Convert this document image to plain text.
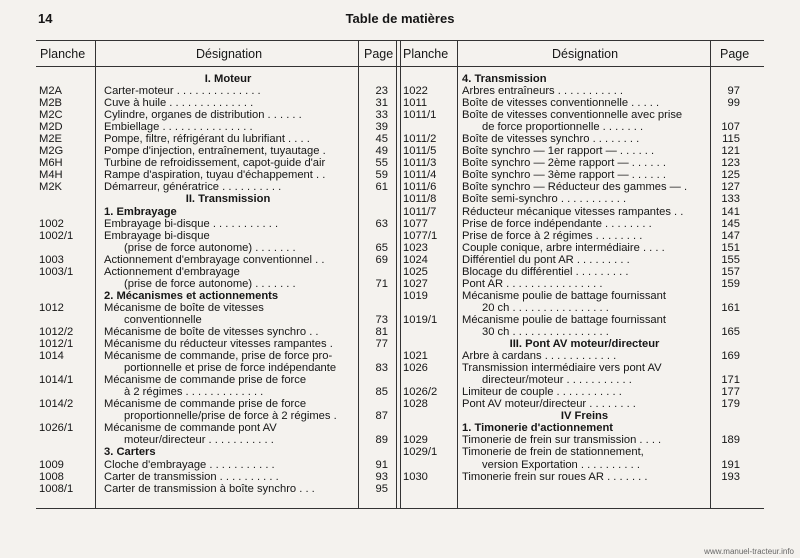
14	Table de matières
Planche	Désignation	Page Planche	Désignation	Page
I. Moteur
M2A	Carter-moteur . . . . . . . . . . . . . .	23
M2B	Cuve à huile . . . . . . . . . . . . . .	31
M2C	Cylindre, organes de distribution . . . . . .	33
M2D	Embiellage . . . . . . . . . . . . . . .	39
M2E	Pompe, filtre, réfrigérant du lubrifiant . . . .	45
M2G	Pompe d'injection, entraînement, tuyautage .	49
M6H	Turbine de refroidissement, capot-guide d'air	55
M4H	Rampe d'aspiration, tuyau d'échappement . .	59
M2K	Démarreur, génératrice . . . . . . . . . .	61
II. Transmission
1. Embrayage
1002	Embrayage bi-disque . . . . . . . . . . .	63
1002/1	Embrayage bi-disque
(prise de force autonome) . . . . . . .	65
1003	Actionnement d'embrayage conventionnel . .	69
1003/1	Actionnement d'embrayage
(prise de force autonome) . . . . . . .	71
2. Mécanismes et actionnements
1012	Mécanisme de boîte de vitesses
conventionnelle	73
1012/2	Mécanisme de boîte de vitesses synchro . .	81
1012/1	Mécanisme du réducteur vitesses rampantes .	77
1014	Mécanisme de commande, prise de force pro-
portionnelle et prise de force indépendante	83
1014/1	Mécanisme de commande prise de force
à 2 régimes . . . . . . . . . . . . .	85
1014/2	Mécanisme de commande prise de force
proportionnelle/prise de force à 2 régimes .	87
1026/1	Mécanisme de commande pont AV
moteur/directeur . . . . . . . . . . .	89
3. Carters
1009	Cloche d'embrayage . . . . . . . . . . .	91
1008	Carter de transmission . . . . . . . . . .	93
1008/1	Carter de transmission à boîte synchro . . .	95
4. Transmission
1022	Arbres entraîneurs . . . . . . . . . . .	97
1011	Boîte de vitesses conventionnelle . . . . .	99
1011/1	Boîte de vitesses conventionnelle avec prise
de force proportionnelle . . . . . . .	107
1011/2	Boîte de vitesses synchro . . . . . . . .	115
1011/5	Boîte synchro — 1er rapport — . . . . . .	121
1011/3	Boîte synchro — 2ème rapport — . . . . . .	123
1011/4	Boîte synchro — 3ème rapport — . . . . . .	125
1011/6	Boîte synchro — Réducteur des gammes — .	127
1011/8	Boîte semi-synchro . . . . . . . . . . .	133
1011/7	Réducteur mécanique vitesses rampantes . .	141
1077	Prise de force indépendante . . . . . . . .	145
1077/1	Prise de force à 2 régimes . . . . . . . .	147
1023	Couple conique, arbre intermédiaire . . . .	151
1024	Différentiel du pont AR . . . . . . . . .	155
1025	Blocage du différentiel . . . . . . . . .	157
1027	Pont AR . . . . . . . . . . . . . . . .	159
1019	Mécanisme poulie de battage fournissant
20 ch . . . . . . . . . . . . . . . .	161
1019/1	Mécanisme poulie de battage fournissant
30 ch . . . . . . . . . . . . . . . .	165
III. Pont AV moteur/directeur
1021	Arbre à cardans . . . . . . . . . . . .	169
1026	Transmission intermédiaire vers pont AV
directeur/moteur . . . . . . . . . . .	171
1026/2	Limiteur de couple . . . . . . . . . . .	177
1028	Pont AV moteur/directeur . . . . . . . .	179
IV Freins
1. Timonerie d'actionnement
1029	Timonerie de frein sur transmission . . . .	189
1029/1	Timonerie de frein de stationnement,
version Exportation . . . . . . . . . .	191
1030	Timonerie frein sur roues AR . . . . . . .	193
www.manuel-tracteur.info
